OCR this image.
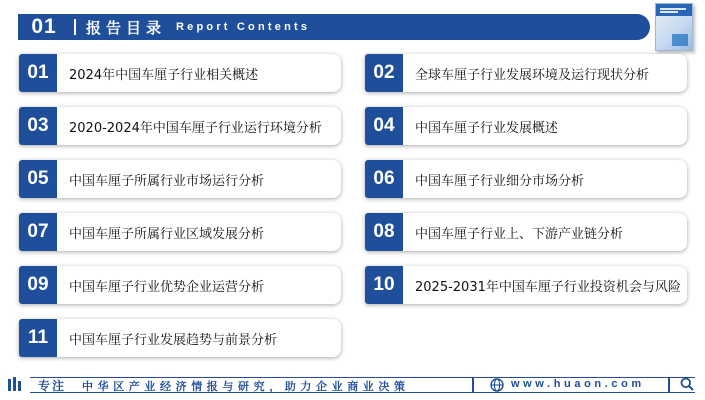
01	报告目录 Report Contents
01	2024年中国车厘子行业相关概述	02	全球车厘子行业发展环境及运行现状分析
03	2020-2024年中国车厘子行业运行环境分析	04	中国车厘子行业发展概述
05	中国车厘子所属行业市场运行分析	06	中国车厘子行业细分市场分析
07	中国车厘子所属行业区域发展分析	08	中国车厘子行业上、下游产业链分析
09	中国车厘子行业优势企业运营分析	10	2025-2031年中国车厘子行业投资机会与风险
11	中国车厘子行业发展趋势与前景分析
专注 中华区产业经济情报与研究，助力企业商业决策	www.huaon.com
